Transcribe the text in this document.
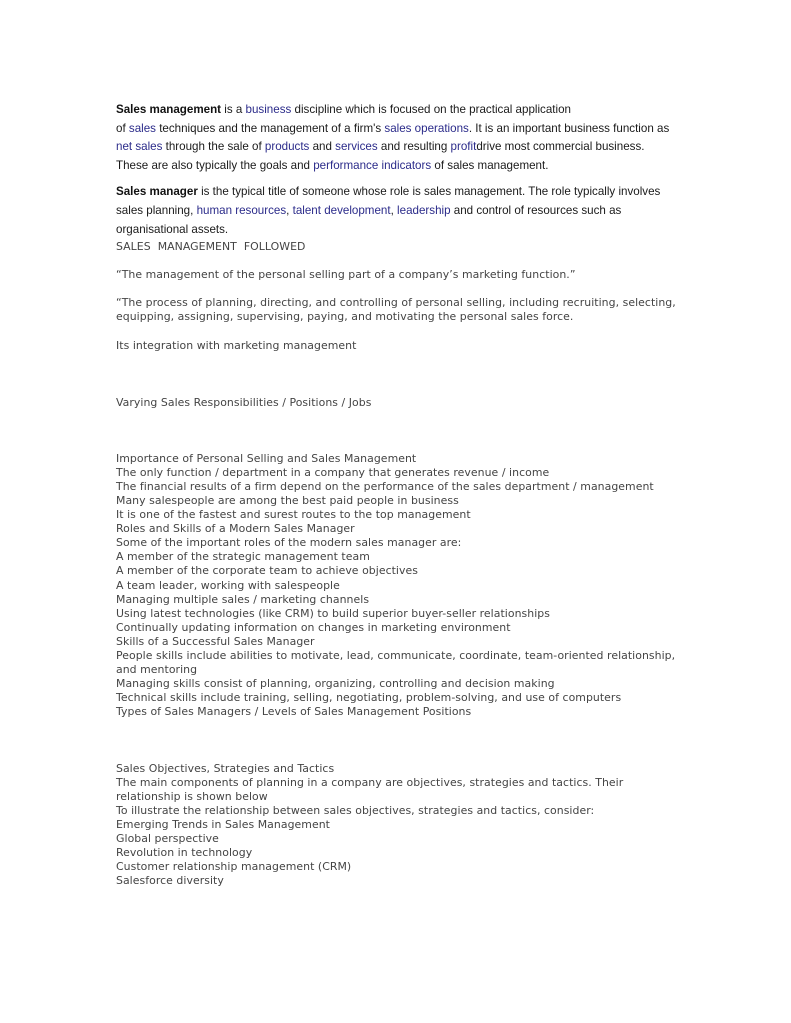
Sales management is a business discipline which is focused on the practical application
of sales techniques and the management of a firm's sales operations. It is an important business function as net sales through the sale of products and services and resulting profitdrive most commercial business. These are also typically the goals and performance indicators of sales management.

Sales manager is the typical title of someone whose role is sales management. The role typically involves sales planning, human resources, talent development, leadership and control of resources such as organisational assets.

SALES  MANAGEMENT  FOLLOWED

“The management of the personal selling part of a company’s marketing function.”

“The process of planning, directing, and controlling of personal selling, including recruiting, selecting, equipping, assigning, supervising, paying, and motivating the personal sales force.

Its integration with marketing management

Varying Sales Responsibilities / Positions / Jobs

Importance of Personal Selling and Sales Management

The only function / department in a company that generates revenue / income

The financial results of a firm depend on the performance of the sales department / management

Many salespeople are among the best paid people in business

It is one of the fastest and surest routes to the top management

Roles and Skills of a Modern Sales Manager

Some of the important roles of the modern sales manager are:

A member of the strategic management team

A member of the corporate team to achieve objectives

A team leader, working with salespeople

Managing multiple sales / marketing channels

Using latest technologies (like CRM) to build superior buyer-seller relationships

Continually updating information on changes in marketing environment

Skills of a Successful Sales Manager

People skills include abilities to motivate, lead, communicate, coordinate, team-oriented relationship, and mentoring

Managing skills consist of planning, organizing, controlling and decision making

Technical skills include training, selling, negotiating, problem-solving, and use of computers

Types of Sales Managers / Levels of Sales Management Positions

Sales Objectives, Strategies and Tactics

The main components of planning in a company are objectives, strategies and tactics. Their relationship is shown below

To illustrate the relationship between sales objectives, strategies and tactics, consider:

Emerging Trends in Sales Management

Global perspective

Revolution in technology

Customer relationship management (CRM)

Salesforce diversity
